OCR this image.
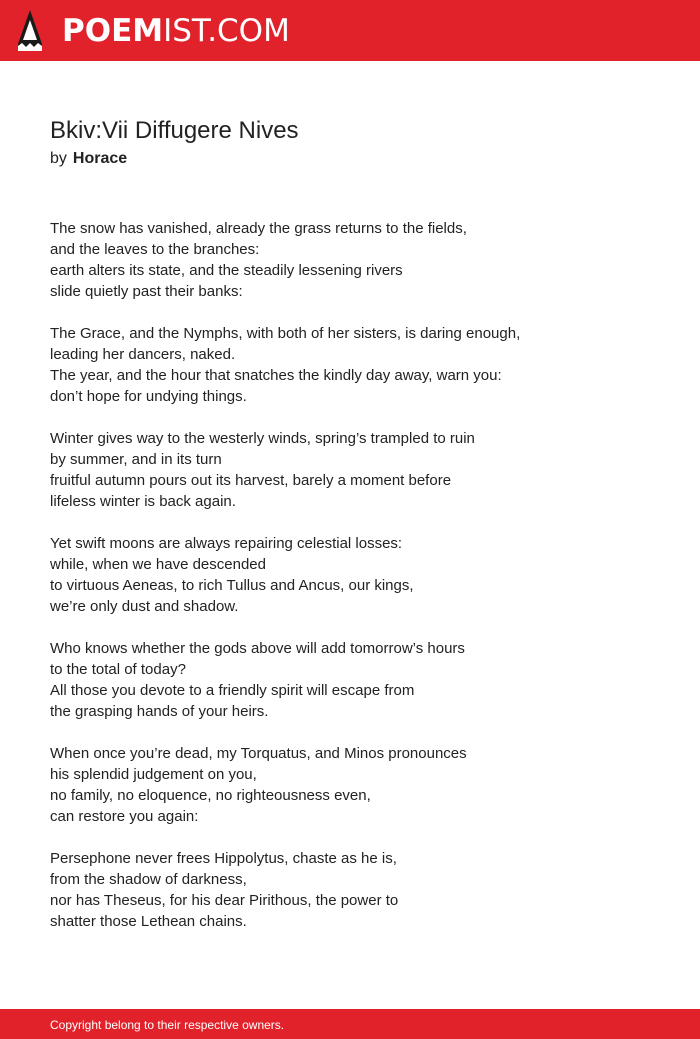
POEMIST.COM
Bkiv:Vii Diffugere Nives
by Horace
The snow has vanished, already the grass returns to the fields,
and the leaves to the branches:
earth alters its state, and the steadily lessening rivers
slide quietly past their banks:
The Grace, and the Nymphs, with both of her sisters, is daring enough,
leading her dancers, naked.
The year, and the hour that snatches the kindly day away, warn you:
don’t hope for undying things.
Winter gives way to the westerly winds, spring’s trampled to ruin
by summer, and in its turn
fruitful autumn pours out its harvest, barely a moment before
lifeless winter is back again.
Yet swift moons are always repairing celestial losses:
while, when we have descended
to virtuous Aeneas, to rich Tullus and Ancus, our kings,
we’re only dust and shadow.
Who knows whether the gods above will add tomorrow’s hours
to the total of today?
All those you devote to a friendly spirit will escape from
the grasping hands of your heirs.
When once you’re dead, my Torquatus, and Minos pronounces
his splendid judgement on you,
no family, no eloquence, no righteousness even,
can restore you again:
Persephone never frees Hippolytus, chaste as he is,
from the shadow of darkness,
nor has Theseus, for his dear Pirithous, the power to
shatter those Lethean chains.
Copyright belong to their respective owners.
